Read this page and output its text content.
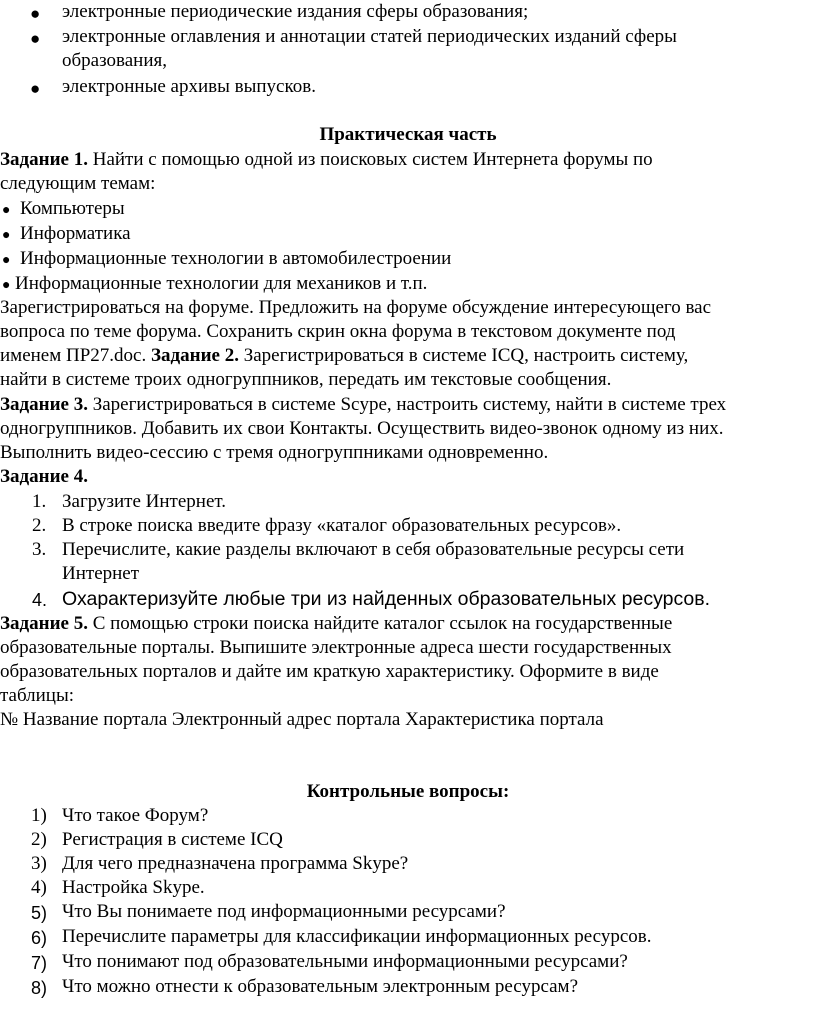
● электронные периодические издания сферы образования;
● электронные оглавления и аннотации статей периодических изданий сферы
образования,
● электронные архивы выпусков.
Практическая часть
Задание 1. Найти с помощью одной из поисковых систем Интернета форумы по
следующим темам:
● Компьютеры
● Информатика
● Информационные технологии в автомобилестроении
● Информационные технологии для механиков и т.п.
Зарегистрироваться на форуме. Предложить на форуме обсуждение интересующего вас
вопроса по теме форума. Сохранить скрин окна форума в текстовом документе под
именем ПР27.doc. Задание 2. Зарегистрироваться в системе ICQ, настроить систему,
найти в системе троих одногруппников, передать им текстовые сообщения.
Задание 3. Зарегистрироваться в системе Scype, настроить систему, найти в системе трех
одногруппников. Добавить их свои Контакты. Осуществить видео-звонок одному из них.
Выполнить видео-сессию с тремя одногруппниками одновременно.
Задание 4.
1. Загрузите Интернет.
2. В строке поиска введите фразу «каталог образовательных ресурсов».
3. Перечислите, какие разделы включают в себя образовательные ресурсы сети
Интернет
4. Охарактеризуйте любые три из найденных образовательных ресурсов.
Задание 5. С помощью строки поиска найдите каталог ссылок на государственные
образовательные порталы. Выпишите электронные адреса шести государственных
образовательных порталов и дайте им краткую характеристику. Оформите в виде
таблицы:
№ Название портала Электронный адрес портала Характеристика портала
Контрольные вопросы:
1) Что такое Форум?
2) Регистрация в системе ICQ
3) Для чего предназначена программа Skype?
4) Настройка Skype.
5) Что Вы понимаете под информационными ресурсами?
6) Перечислите параметры для классификации информационных ресурсов.
7) Что понимают под образовательными информационными ресурсами?
8) Что можно отнести к образовательным электронным ресурсам?
